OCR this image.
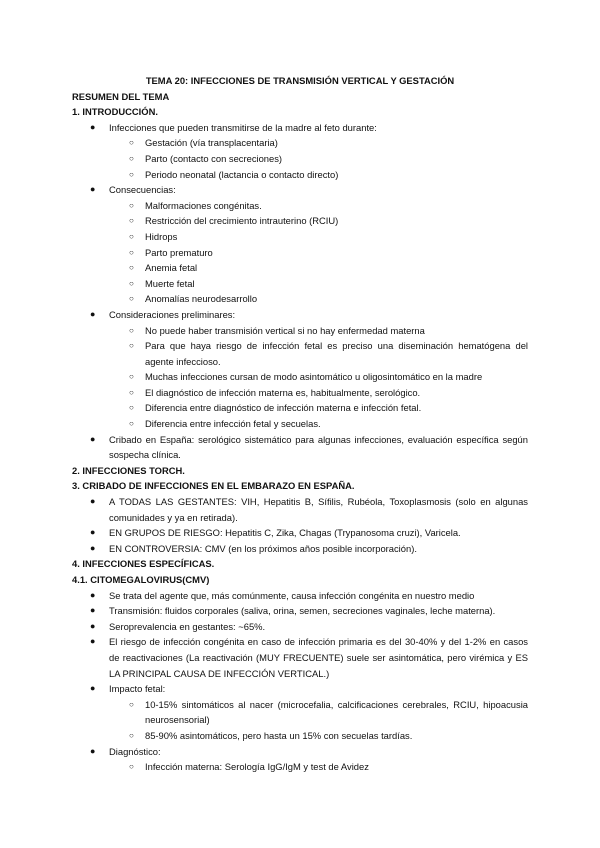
TEMA 20: INFECCIONES DE TRANSMISIÓN VERTICAL Y GESTACIÓN
RESUMEN DEL TEMA
1. INTRODUCCIÓN.
● Infecciones que pueden transmitirse de la madre al feto durante:
○ Gestación (vía transplacentaria)
○ Parto (contacto con secreciones)
○ Periodo neonatal (lactancia o contacto directo)
● Consecuencias:
○ Malformaciones congénitas.
○ Restricción del crecimiento intrauterino (RCIU)
○ Hidrops
○ Parto prematuro
○ Anemia fetal
○ Muerte fetal
○ Anomalías neurodesarrollo
● Consideraciones preliminares:
○ No puede haber transmisión vertical si no hay enfermedad materna
○ Para que haya riesgo de infección fetal es preciso una diseminación hematógena del agente infeccioso.
○ Muchas infecciones cursan de modo asintomático u oligosintomático en la madre
○ El diagnóstico de infección materna es, habitualmente, serológico.
○ Diferencia entre diagnóstico de infección materna e infección fetal.
○ Diferencia entre infección fetal y secuelas.
● Cribado en España: serológico sistemático para algunas infecciones, evaluación específica según sospecha clínica.
2. INFECCIONES TORCH.
3. CRIBADO DE INFECCIONES EN EL EMBARAZO EN ESPAÑA.
● A TODAS LAS GESTANTES: VIH, Hepatitis B, Sífilis, Rubéola, Toxoplasmosis (solo en algunas comunidades y ya en retirada).
● EN GRUPOS DE RIESGO: Hepatitis C, Zika, Chagas (Trypanosoma cruzi), Varicela.
● EN CONTROVERSIA: CMV (en los próximos años posible incorporación).
4. INFECCIONES ESPECÍFICAS.
4.1. CITOMEGALOVIRUS(CMV)
● Se trata del agente que, más comúnmente, causa infección congénita en nuestro medio
● Transmisión: fluidos corporales (saliva, orina, semen, secreciones vaginales, leche materna).
● Seroprevalencia en gestantes: ~65%.
● El riesgo de infección congénita en caso de infección primaria es del 30-40% y del 1-2% en casos de reactivaciones (La reactivación (MUY FRECUENTE) suele ser asintomática, pero virémica y ES LA PRINCIPAL CAUSA DE INFECCIÓN VERTICAL.)
● Impacto fetal:
○ 10-15% sintomáticos al nacer (microcefalia, calcificaciones cerebrales, RCIU, hipoacusia neurosensorial)
○ 85-90% asintomáticos, pero hasta un 15% con secuelas tardías.
● Diagnóstico:
○ Infección materna: Serología IgG/IgM y test de Avidez
